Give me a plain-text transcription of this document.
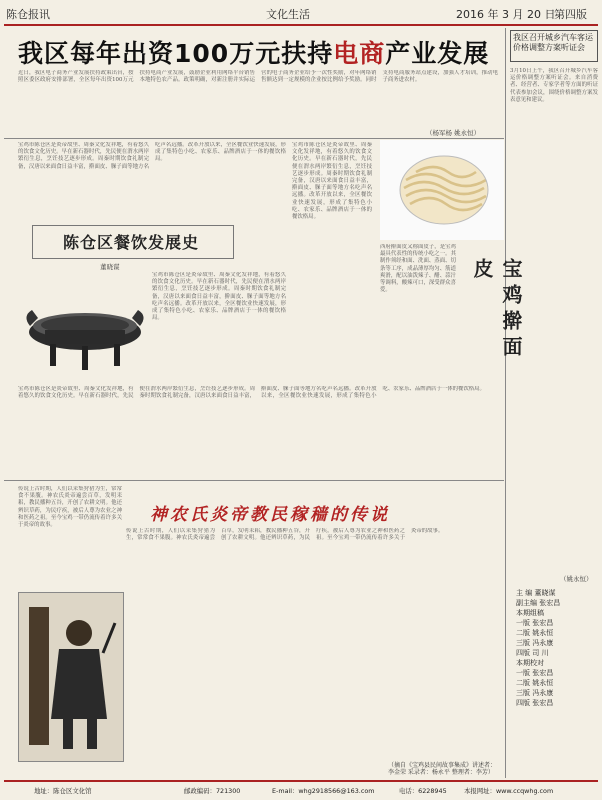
陈仓报讯	文化生活	2016 年 3 月 20 日
第四版
我区每年出资100万元扶持电商产业发展
我区召开城乡汽车客运价格调整方案听证会
近日，我区电子商务产业发展扶持政策出台，按照区委区政府安排部署，全区每年出资100万元扶持电商产业发展，鼓励企业利用网络平台销售本地特色农产品。政策明确，对新注册并实际运营的电子商务企业给予一次性奖励，对年网络销售额达到一定规模的企业按比例给予奖励。同时支持电商服务站点建设，加强人才培训，推动电子商务进农村。
（杨军杨 姚永恒）
宝鸡市陈仓区是炎帝故里、周秦文化发祥地，有着悠久的饮食文化历史。早在新石器时代，先民便在渭水两岸繁衍生息，烹饪技艺逐步形成。周秦时期饮食礼制完备，汉唐以来面食日益丰富，擀面皮、臊子面等地方名吃声名远播。改革开放以来，全区餐饮业快速发展，形成了集特色小吃、农家乐、品牌酒店于一体的餐饮格局。
陈仓区餐饮发展史
董晓谋
宝鸡市陈仓区是炎帝故里、周秦文化发祥地，有着悠久的饮食文化历史。早在新石器时代，先民便在渭水两岸繁衍生息，烹饪技艺逐步形成。周秦时期饮食礼制完备，汉唐以来面食日益丰富，擀面皮、臊子面等地方名吃声名远播。改革开放以来，全区餐饮业快速发展，形成了集特色小吃、农家乐、品牌酒店于一体的餐饮格局。
宝鸡市陈仓区是炎帝故里、周秦文化发祥地，有着悠久的饮食文化历史。早在新石器时代，先民便在渭水两岸繁衍生息，烹饪技艺逐步形成。周秦时期饮食礼制完备，汉唐以来面食日益丰富，擀面皮、臊子面等地方名吃声名远播。改革开放以来，全区餐饮业快速发展，形成了集特色小吃、农家乐、品牌酒店于一体的餐饮格局。
西府擀面皮又称面皮子，是宝鸡最具代表性的传统小吃之一。其制作须经和面、洗面、蒸面、切条等工序，成品薄厚均匀、筋道爽滑，配以油泼辣子、醋、蒜汁等调料，酸辣可口，深受群众喜爱。	宝鸡擀面皮
宝鸡市陈仓区是炎帝故里、周秦文化发祥地，有着悠久的饮食文化历史。早在新石器时代，先民便在渭水两岸繁衍生息，烹饪技艺逐步形成。周秦时期饮食礼制完备，汉唐以来面食日益丰富，擀面皮、臊子面等地方名吃声名远播。改革开放以来，全区餐饮业快速发展，形成了集特色小吃、农家乐、品牌酒店于一体的餐饮格局。
传说上古时期，人们以采集狩猎为生，常常食不果腹。神农氏炎帝遍尝百草，发明耒耜，教民播种五谷，开创了农耕文明。他还辨识草药，为民疗疾，被后人尊为农业之神和医药之祖。至今宝鸡一带仍流传着许多关于炎帝的故事。
神农氏炎帝教民稼穑的传说
传说上古时期，人们以采集狩猎为生，常常食不果腹。神农氏炎帝遍尝百草，发明耒耜，教民播种五谷，开创了农耕文明。他还辨识草药，为民疗疾，被后人尊为农业之神和医药之祖。至今宝鸡一带仍流传着许多关于炎帝的故事。
（摘自《宝鸡县民间故事集成》讲述者：李金荣 采录者：杨永平 整理者：李芳）
3月10日上午，我区召开城乡汽车客运价格调整方案听证会。来自消费者、经营者、专家学者等方面的听证代表参加会议，围绕价格调整方案发表意见和建议。
（姚永恒）
主 编 董晓谋
副主编 张宏昌
本期组稿
一版 张宏昌
二版 姚永恒
三版 冯永康
四版 司 川
本期校对
一版 张宏昌
二版 姚永恒
三版 冯永康
四版 张宏昌
地址：陈仓区文化馆	邮政编码：721300	E-mail：whg2918566@163.com	电话：6228945	本报网址：www.ccqwhg.com
